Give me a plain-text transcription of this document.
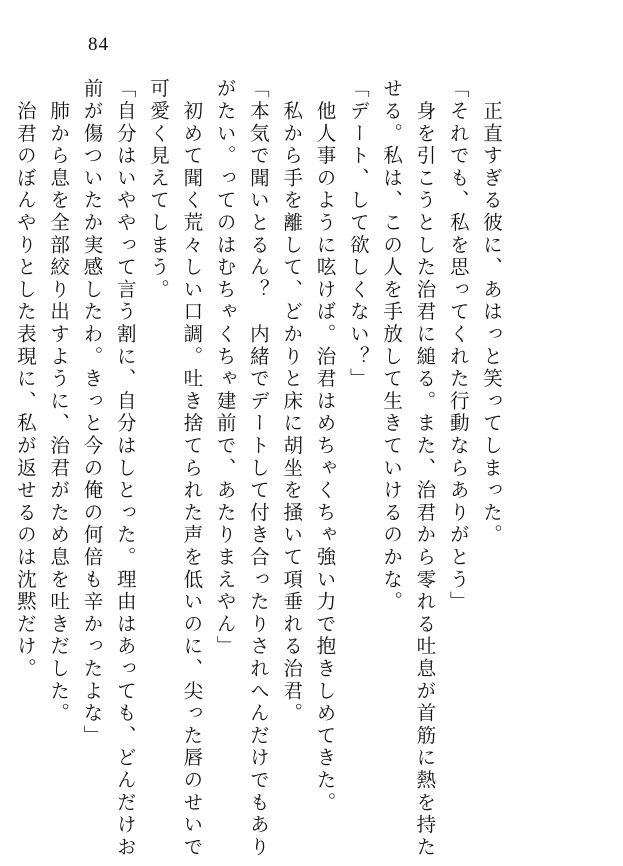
84
　正直すぎる彼に、あはっと笑ってしまった。
「それでも、私を思ってくれた行動ならありがとう」
　身を引こうとした治君に縋る。また、治君から零れる吐息が首筋に熱を持た
せる。私は、この人を手放して生きていけるのかな。
「デート、して欲しくない？」
　他人事のように呟けば。治君はめちゃくちゃ強い力で抱きしめてきた。
　私から手を離して、どかりと床に胡坐を掻いて項垂れる治君。
「本気で聞いとるん？　内緒でデートして付き合ったりされへんだけでもあり
がたい。ってのはむちゃくちゃ建前で、あたりまえやん」
　初めて聞く荒々しい口調。吐き捨てられた声を低いのに、尖った唇のせいで
可愛く見えてしまう。
「自分はいややって言う割に、自分はしとった。理由はあっても、どんだけお
前が傷ついたか実感したわ。きっと今の俺の何倍も辛かったよな」
　肺から息を全部絞り出すように、治君がため息を吐きだした。
　治君のぼんやりとした表現に、私が返せるのは沈黙だけ。
